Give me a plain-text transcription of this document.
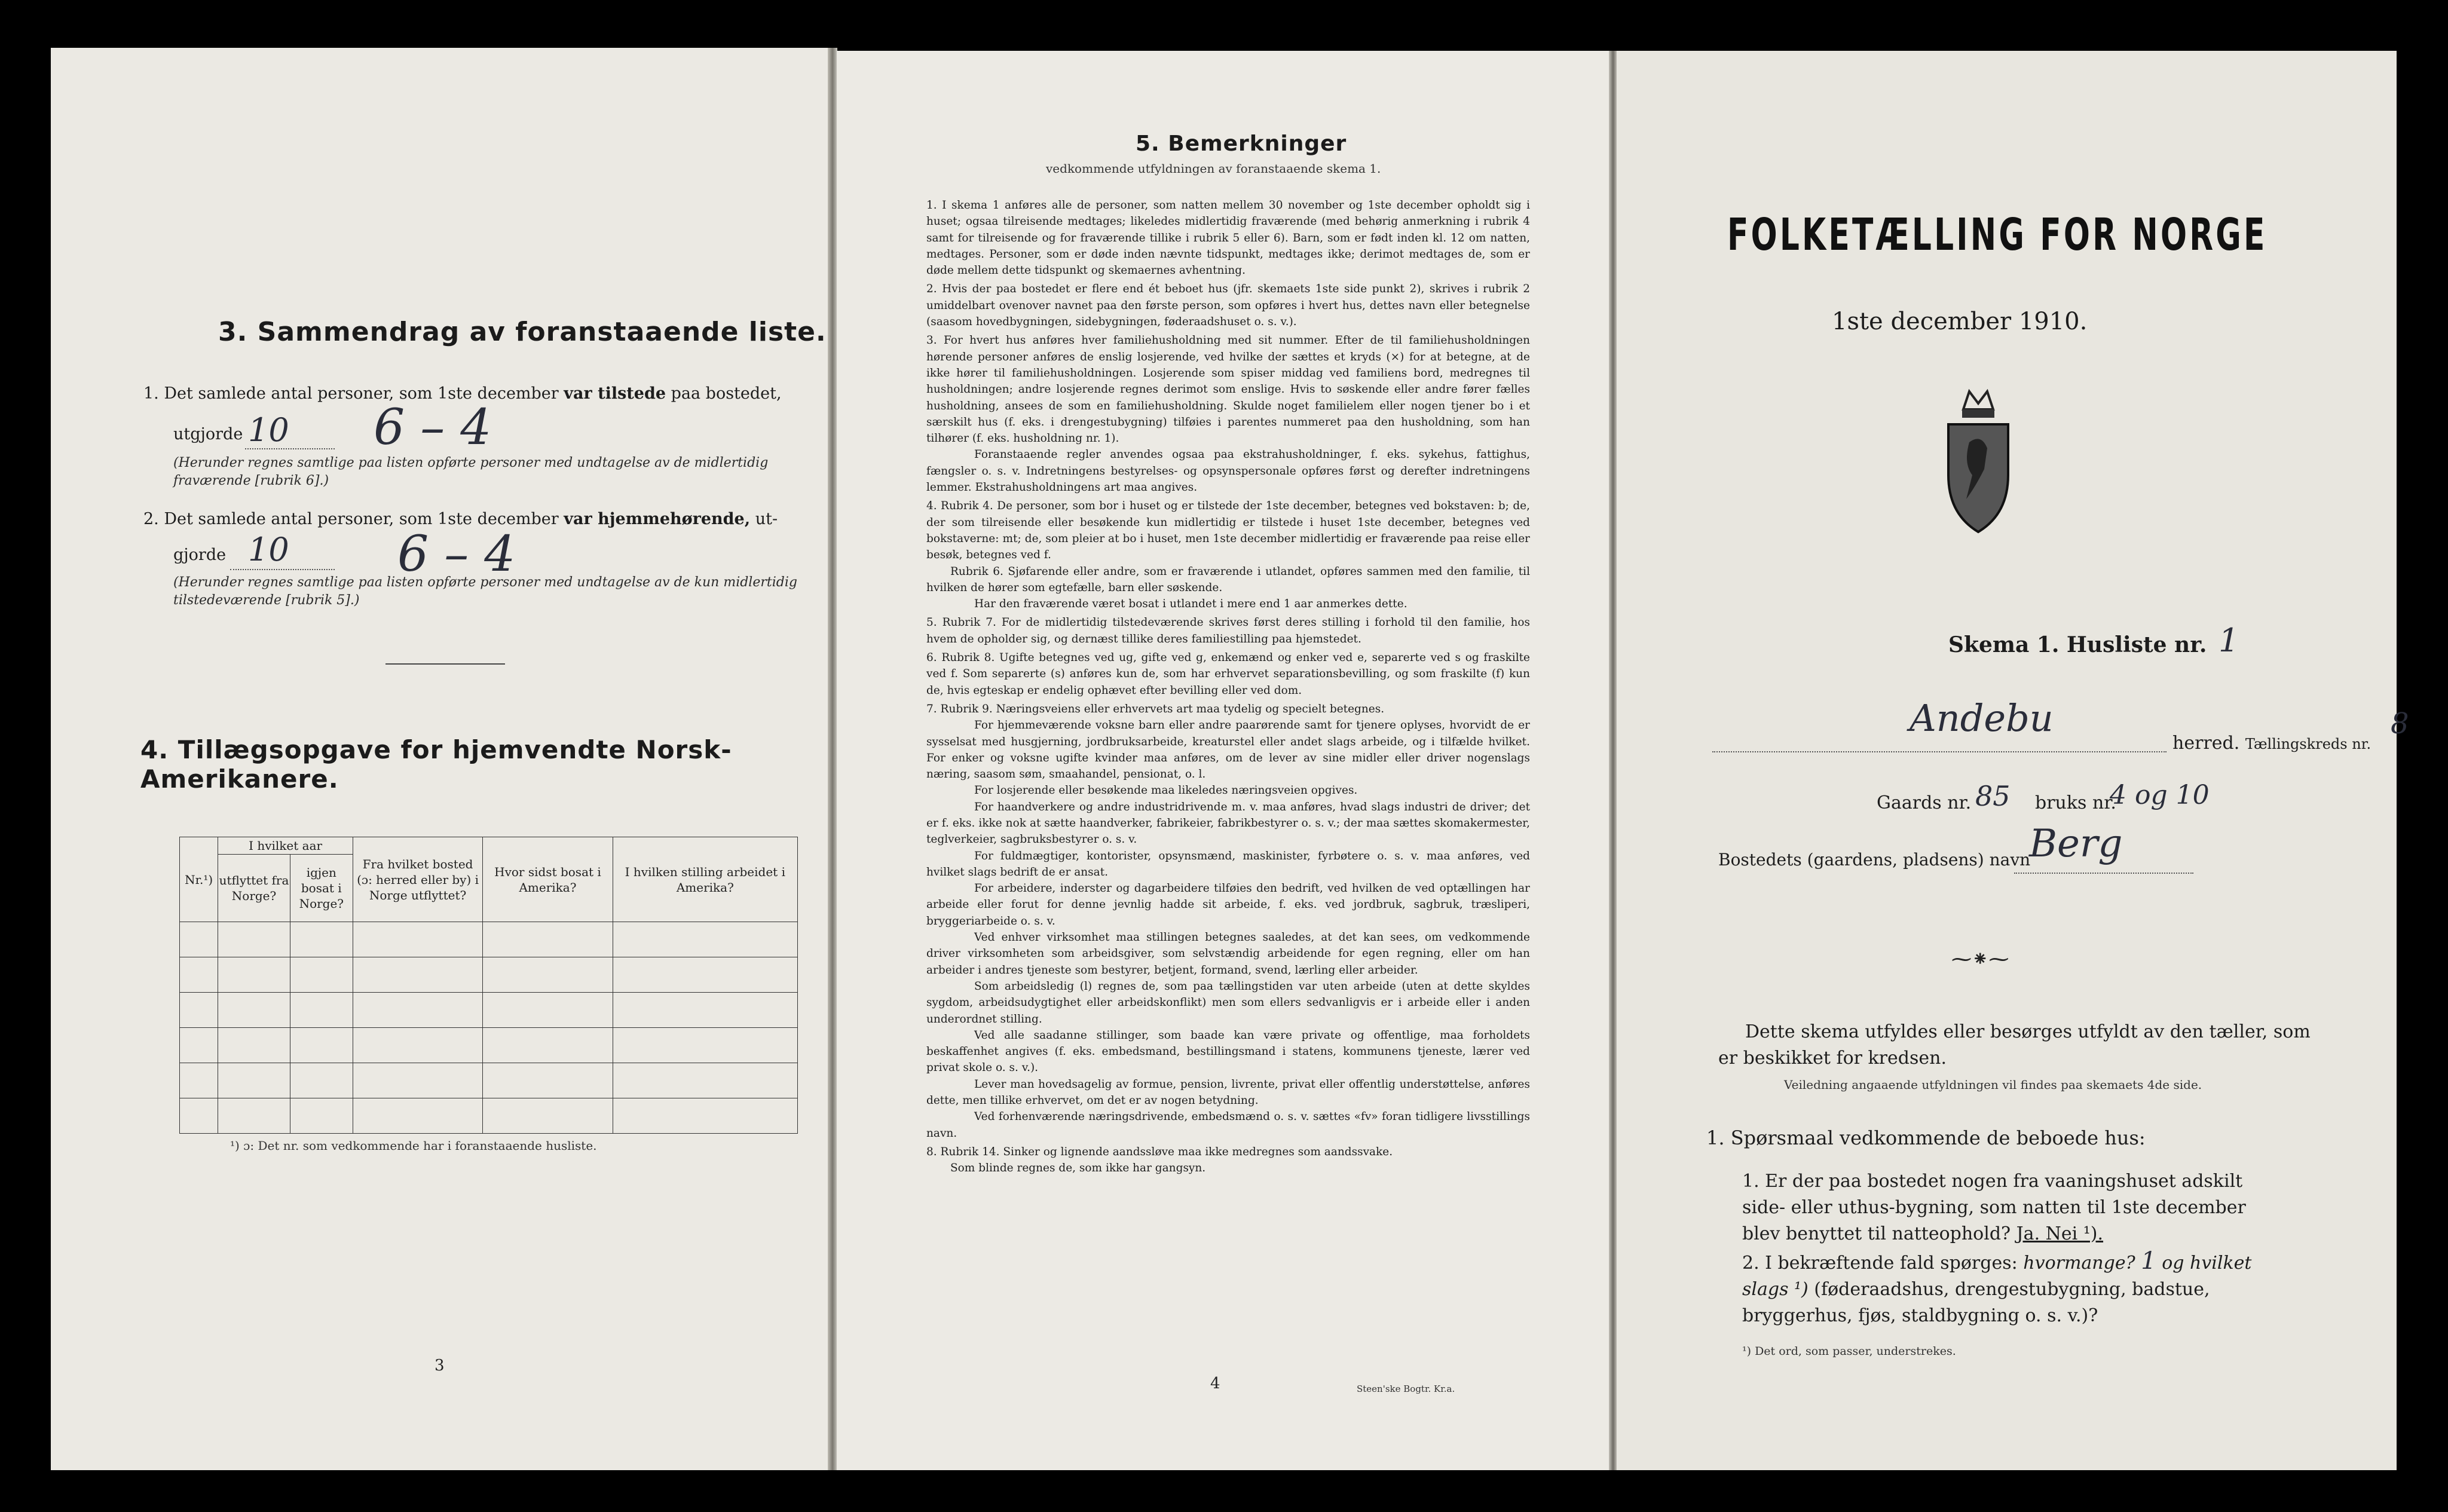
3. Sammendrag av foranstaaende liste.
1. Det samlede antal personer, som 1ste december var tilstede paa bostedet,
utgjorde 10 6 – 4
(Herunder regnes samtlige paa listen opførte personer med undtagelse av de midlertidig fraværende [rubrik 6].)
2. Det samlede antal personer, som 1ste december var hjemmehørende, ut-
gjorde 10 6 – 4
(Herunder regnes samtlige paa listen opførte personer med undtagelse av de kun midlertidig tilstedeværende [rubrik 5].)
4. Tillægsopgave for hjemvendte Norsk-Amerikanere.
Nr.¹)	I hvilket aar		Fra hvilket bosted (ɔ: herred eller by) i Norge utflyttet?	Hvor sidst bosat i Amerika?	I hvilken stilling arbeidet i Amerika?
	utflyttet fra Norge?	igjen bosat i Norge?			

¹) ɔ: Det nr. som vedkommende har i foranstaaende husliste.
3
5. Bemerkninger
vedkommende utfyldningen av foranstaaende skema 1.

1. I skema 1 anføres alle de personer, som natten mellem 30 november og 1ste december opholdt sig i huset; ogsaa tilreisende medtages; likeledes midlertidig fraværende (med behørig anmerkning i rubrik 4 samt for tilreisende og for fraværende tillike i rubrik 5 eller 6). Barn, som er født inden kl. 12 om natten, medtages. Personer, som er døde inden nævnte tidspunkt, medtages ikke; derimot medtages de, som er døde mellem dette tidspunkt og skemaernes avhentning.

2. Hvis der paa bostedet er flere end ét beboet hus (jfr. skemaets 1ste side punkt 2), skrives i rubrik 2 umiddelbart ovenover navnet paa den første person, som opføres i hvert hus, dettes navn eller betegnelse (saasom hovedbygningen, sidebygningen, føderaadshuset o. s. v.).

3. For hvert hus anføres hver familiehusholdning med sit nummer. Efter de til familiehusholdningen hørende personer anføres de enslig losjerende, ved hvilke der sættes et kryds (×) for at betegne, at de ikke hører til familiehusholdningen. Losjerende som spiser middag ved familiens bord, medregnes til husholdningen; andre losjerende regnes derimot som enslige. Hvis to søskende eller andre fører fælles husholdning, ansees de som en familiehusholdning. Skulde noget familielem eller nogen tjener bo i et særskilt hus (f. eks. i drengestubygning) tilføies i parentes nummeret paa den husholdning, som han tilhører (f. eks. husholdning nr. 1).

Foranstaaende regler anvendes ogsaa paa ekstrahusholdninger, f. eks. sykehus, fattighus, fængsler o. s. v. Indretningens bestyrelses- og opsynspersonale opføres først og derefter indretningens lemmer. Ekstrahusholdningens art maa angives.

4. Rubrik 4. De personer, som bor i huset og er tilstede der 1ste december, betegnes ved bokstaven: b; de, der som tilreisende eller besøkende kun midlertidig er tilstede i huset 1ste december, betegnes ved bokstaverne: mt; de, som pleier at bo i huset, men 1ste december midlertidig er fraværende paa reise eller besøk, betegnes ved f.

Rubrik 6. Sjøfarende eller andre, som er fraværende i utlandet, opføres sammen med den familie, til hvilken de hører som egtefælle, barn eller søskende.

Har den fraværende været bosat i utlandet i mere end 1 aar anmerkes dette.

5. Rubrik 7. For de midlertidig tilstedeværende skrives først deres stilling i forhold til den familie, hos hvem de opholder sig, og dernæst tillike deres familiestilling paa hjemstedet.

6. Rubrik 8. Ugifte betegnes ved ug, gifte ved g, enkemænd og enker ved e, separerte ved s og fraskilte ved f. Som separerte (s) anføres kun de, som har erhvervet separationsbevilling, og som fraskilte (f) kun de, hvis egteskap er endelig ophævet efter bevilling eller ved dom.

7. Rubrik 9. Næringsveiens eller erhvervets art maa tydelig og specielt betegnes.

For hjemmeværende voksne barn eller andre paarørende samt for tjenere oplyses, hvorvidt de er sysselsat med husgjerning, jordbruksarbeide, kreaturstel eller andet slags arbeide, og i tilfælde hvilket. For enker og voksne ugifte kvinder maa anføres, om de lever av sine midler eller driver nogenslags næring, saasom søm, smaahandel, pensionat, o. l.

For losjerende eller besøkende maa likeledes næringsveien opgives.

For haandverkere og andre industridrivende m. v. maa anføres, hvad slags industri de driver; det er f. eks. ikke nok at sætte haandverker, fabrikeier, fabrikbestyrer o. s. v.; der maa sættes skomakermester, teglverkeier, sagbruksbestyrer o. s. v.

For fuldmægtiger, kontorister, opsynsmænd, maskinister, fyrbøtere o. s. v. maa anføres, ved hvilket slags bedrift de er ansat.

For arbeidere, inderster og dagarbeidere tilføies den bedrift, ved hvilken de ved optællingen har arbeide eller forut for denne jevnlig hadde sit arbeide, f. eks. ved jordbruk, sagbruk, træsliperi, bryggeriarbeide o. s. v.

Ved enhver virksomhet maa stillingen betegnes saaledes, at det kan sees, om vedkommende driver virksomheten som arbeidsgiver, som selvstændig arbeidende for egen regning, eller om han arbeider i andres tjeneste som bestyrer, betjent, formand, svend, lærling eller arbeider.

Som arbeidsledig (l) regnes de, som paa tællingstiden var uten arbeide (uten at dette skyldes sygdom, arbeidsudygtighet eller arbeidskonflikt) men som ellers sedvanligvis er i arbeide eller i anden underordnet stilling.

Ved alle saadanne stillinger, som baade kan være private og offentlige, maa forholdets beskaffenhet angives (f. eks. embedsmand, bestillingsmand i statens, kommunens tjeneste, lærer ved privat skole o. s. v.).

Lever man hovedsagelig av formue, pension, livrente, privat eller offentlig understøttelse, anføres dette, men tillike erhvervet, om det er av nogen betydning.

Ved forhenværende næringsdrivende, embedsmænd o. s. v. sættes «fv» foran tidligere livsstillings navn.

8. Rubrik 14. Sinker og lignende aandssløve maa ikke medregnes som aandssvake.

Som blinde regnes de, som ikke har gangsyn.

4	Steen'ske Bogtr. Kr.a.
FOLKETÆLLING FOR NORGE
1ste december 1910.
Skema 1. Husliste nr. 1
Andebu
herred. Tællingskreds nr.
8
Gaards nr. 85 bruks nr.
4 og 10
Bostedets (gaardens, pladsens) navn
Berg
⁓⁕⁓
Dette skema utfyldes eller besørges utfyldt av den tæller, som er beskikket for kredsen.
Veiledning angaaende utfyldningen vil findes paa skemaets 4de side.
1. Spørsmaal vedkommende de beboede hus:
1. Er der paa bostedet nogen fra vaaningshuset adskilt side- eller uthus-bygning, som natten til 1ste december blev benyttet til natteophold? Ja. Nei ¹).
2. I bekræftende fald spørges: hvormange? 1 og hvilket slags ¹) (føderaadshus, drengestubygning, badstue, bryggerhus, fjøs, staldbygning o. s. v.)?
¹) Det ord, som passer, understrekes.
